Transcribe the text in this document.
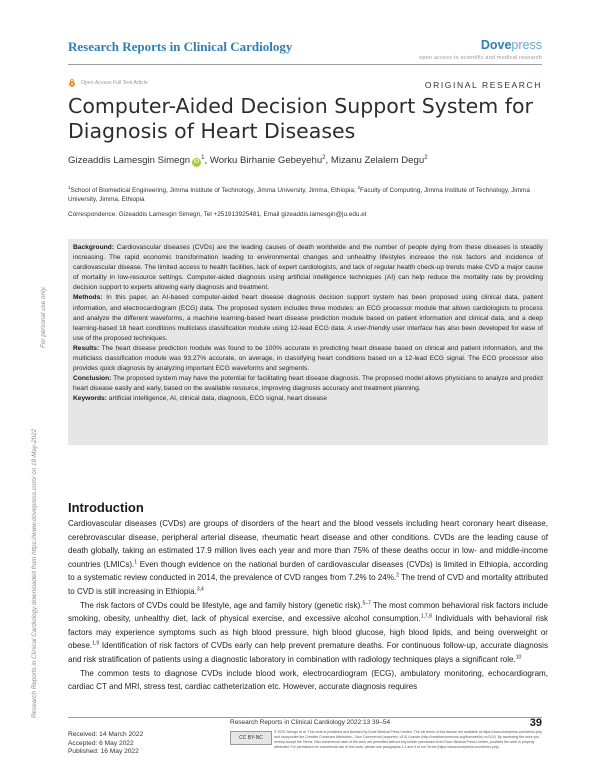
Research Reports in Clinical Cardiology	Dovepress
open access to scientific and medical research
Open Access Full Text Article	ORIGINAL RESEARCH
Computer-Aided Decision Support System for Diagnosis of Heart Diseases
Gizeaddis Lamesgin Simegn $iD^1$, Worku Birhanie Gebeyehu$^2$, Mizanu Zelalem Degu$^2$
$^1$School of Biomedical Engineering, Jimma Institute of Technology, Jimma University, Jimma, Ethiopia; $^2$Faculty of Computing, Jimma Institute of Technology, Jimma University, Jimma, Ethiopia
Correspondence: Gizeaddis Lamesgin Simegn, Tel +251913925481, Email gizeaddis.lamesgin@ju.edu.et

Background: Cardiovascular diseases (CVDs) are the leading causes of death worldwide and the number of people dying from these diseases is steadily increasing. The rapid economic transformation leading to environmental changes and unhealthy lifestyles increase the risk factors and incidence of cardiovascular disease. The limited access to health facilities, lack of expert cardiologists, and lack of regular health check-up trends make CVD a major cause of mortality in low-resource settings. Computer-aided diagnosis using artificial intelligence techniques (AI) can help reduce the mortality rate by providing decision support to experts allowing early diagnosis and treatment.

Methods: In this paper, an AI-based computer-aided heart disease diagnosis decision support system has been proposed using clinical data, patient information, and electrocardiogram (ECG) data. The proposed system includes three modules: an ECG processor module that allows cardiologists to process and analyze the different waveforms, a machine learning-based heart disease prediction module based on patient information and clinical data, and a deep learning-based 18 heart conditions multiclass classification module using 12-lead ECG data. A user-friendly user interface has also been developed for ease of use of the proposed techniques.

Results: The heart disease prediction module was found to be 100% accurate in predicting heart disease based on clinical and patient information, and the multiclass classification module was 93.27% accurate, on average, in classifying heart conditions based on a 12-lead ECG signal. The ECG processor also provides quick diagnosis by analyzing important ECG waveforms and segments.

Conclusion: The proposed system may have the potential for facilitating heart disease diagnosis. The proposed model allows physicians to analyze and predict heart disease easily and early, based on the available resource, improving diagnosis accuracy and treatment planning.

Keywords: artificial intelligence, AI, clinical data, diagnosis, ECG signal, heart disease

Introduction

Cardiovascular diseases (CVDs) are groups of disorders of the heart and the blood vessels including heart coronary heart disease, cerebrovascular disease, peripheral arterial disease, rheumatic heart disease and other conditions. CVDs are the leading cause of death globally, taking an estimated 17.9 million lives each year and more than 75% of these deaths occur in low- and middle-income countries (LMICs).$^1$ Even though evidence on the national burden of cardiovascular diseases (CVDs) is limited in Ethiopia, according to a systematic review conducted in 2014, the prevalence of CVD ranges from 7.2% to 24%.$^2$ The trend of CVD and mortality attributed to CVD is still increasing in Ethiopia.$^{3,4}$

The risk factors of CVDs could be lifestyle, age and family history (genetic risk).$^{5-7}$ The most common behavioral risk factors include smoking, obesity, unhealthy diet, lack of physical exercise, and excessive alcohol consumption.$^{1,7,8}$ Individuals with behavioral risk factors may experience symptoms such as high blood pressure, high blood glucose, high blood lipids, and being overweight or obese.$^{1,9}$ Identification of risk factors of CVDs early can help prevent premature deaths. For continuous follow-up, accurate diagnosis and risk stratification of patients using a diagnostic laboratory in combination with radiology techniques plays a significant role.$^{10}$

The common tests to diagnose CVDs include blood work, electrocardiogram (ECG), ambulatory monitoring, echocardiogram, cardiac CT and MRI, stress test, cardiac catheterization etc. However, accurate diagnosis requires

Research Reports in Clinical Cardiology 2022:13 39–54	39
Received: 14 March 2022
Accepted: 6 May 2022
Published: 16 May 2022
CC BY-NC
© 2022 Simegn et al. This work is published and licensed by Dove Medical Press Limited. The full terms of this license are available at https://www.dovepress.com/terms.php and incorporate the Creative Commons Attribution – Non Commercial (unported, v3.0) License (http://creativecommons.org/licenses/by-nc/3.0/). By accessing the work you hereby accept the Terms. Non-commercial uses of the work are permitted without any further permission from Dove Medical Press Limited, provided the work is properly attributed. For permission for commercial use of this work, please see paragraphs 4.2 and 5 of our Terms (https://www.dovepress.com/terms.php).
Research Reports in Clinical Cardiology downloaded from https://www.dovepress.com/ on 18-May-2022
For personal use only.
